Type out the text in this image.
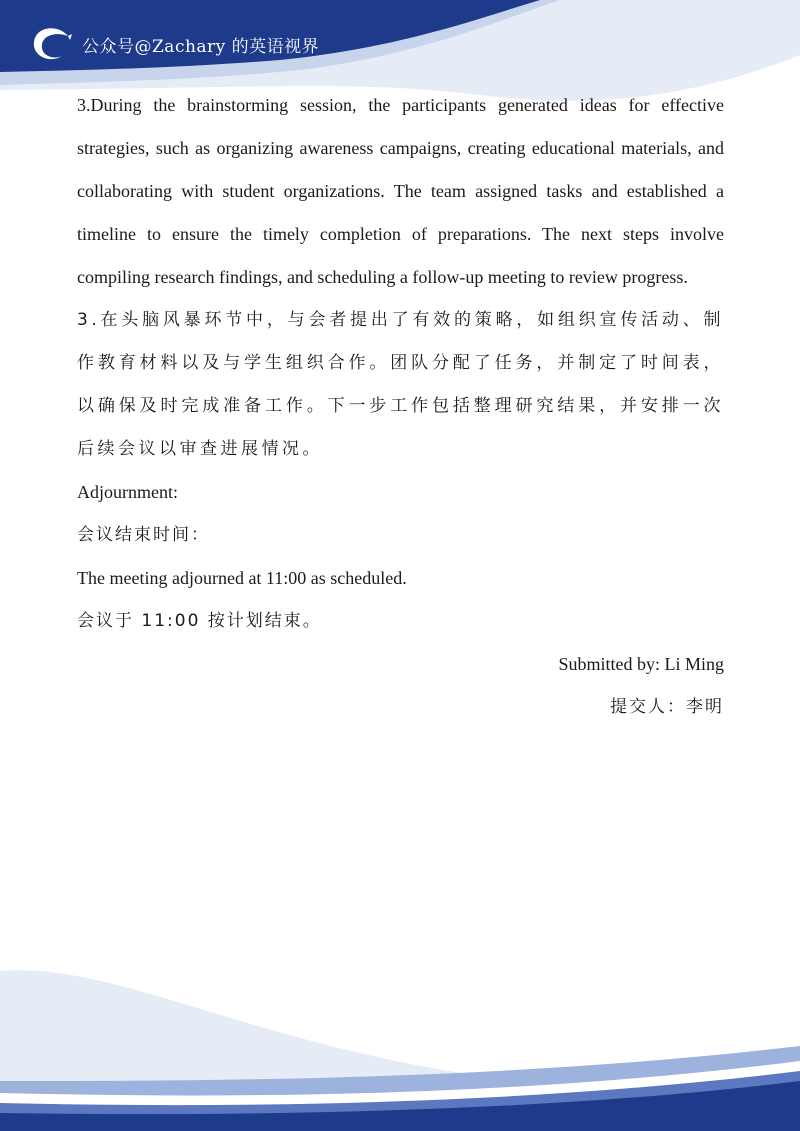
公众号@Zachary 的英语视界

3.During the brainstorming session, the participants generated ideas for effective strategies, such as organizing awareness campaigns, creating educational materials, and collaborating with student organizations. The team assigned tasks and established a timeline to ensure the timely completion of preparations. The next steps involve compiling research findings, and scheduling a follow-up meeting to review progress.

3.在头脑风暴环节中，与会者提出了有效的策略，如组织宣传活动、制作教育材料以及与学生组织合作。团队分配了任务，并制定了时间表，以确保及时完成准备工作。下一步工作包括整理研究结果，并安排一次后续会议以审查进展情况。

Adjournment:

会议结束时间：

The meeting adjourned at 11:00 as scheduled.

会议于 11:00 按计划结束。

Submitted by: Li Ming

提交人：李明
